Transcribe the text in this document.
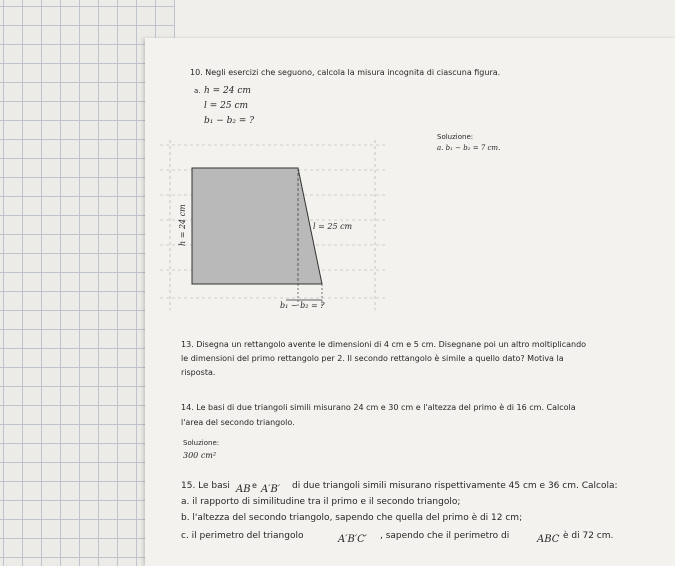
10. Negli esercizi che seguono, calcola la misura incognita di ciascuna figura.
a. h = 24 cm
l = 25 cm
b₁ − b₂ = ?
Soluzione:
a. b₁ − b₂ = 7 cm.
h = 24 cm	l = 25 cm
b₁ − b₂ = ?
13. Disegna un rettangolo avente le dimensioni di 4 cm e 5 cm. Disegnane poi un altro moltiplicando
le dimensioni del primo rettangolo per 2. Il secondo rettangolo è simile a quello dato? Motiva la
risposta.
14. Le basi di due triangoli simili misurano 24 cm e 30 cm e l'altezza del primo è di 16 cm. Calcola
l'area del secondo triangolo.
Soluzione:
300 cm²
15. Le basi AB e A′B′ di due triangoli simili misurano rispettivamente 45 cm e 36 cm. Calcola:
a. il rapporto di similitudine tra il primo e il secondo triangolo;
b. l'altezza del secondo triangolo, sapendo che quella del primo è di 12 cm;
c. il perimetro del triangolo	A′B′C′ , sapendo che il perimetro di	ABC è di 72 cm.
